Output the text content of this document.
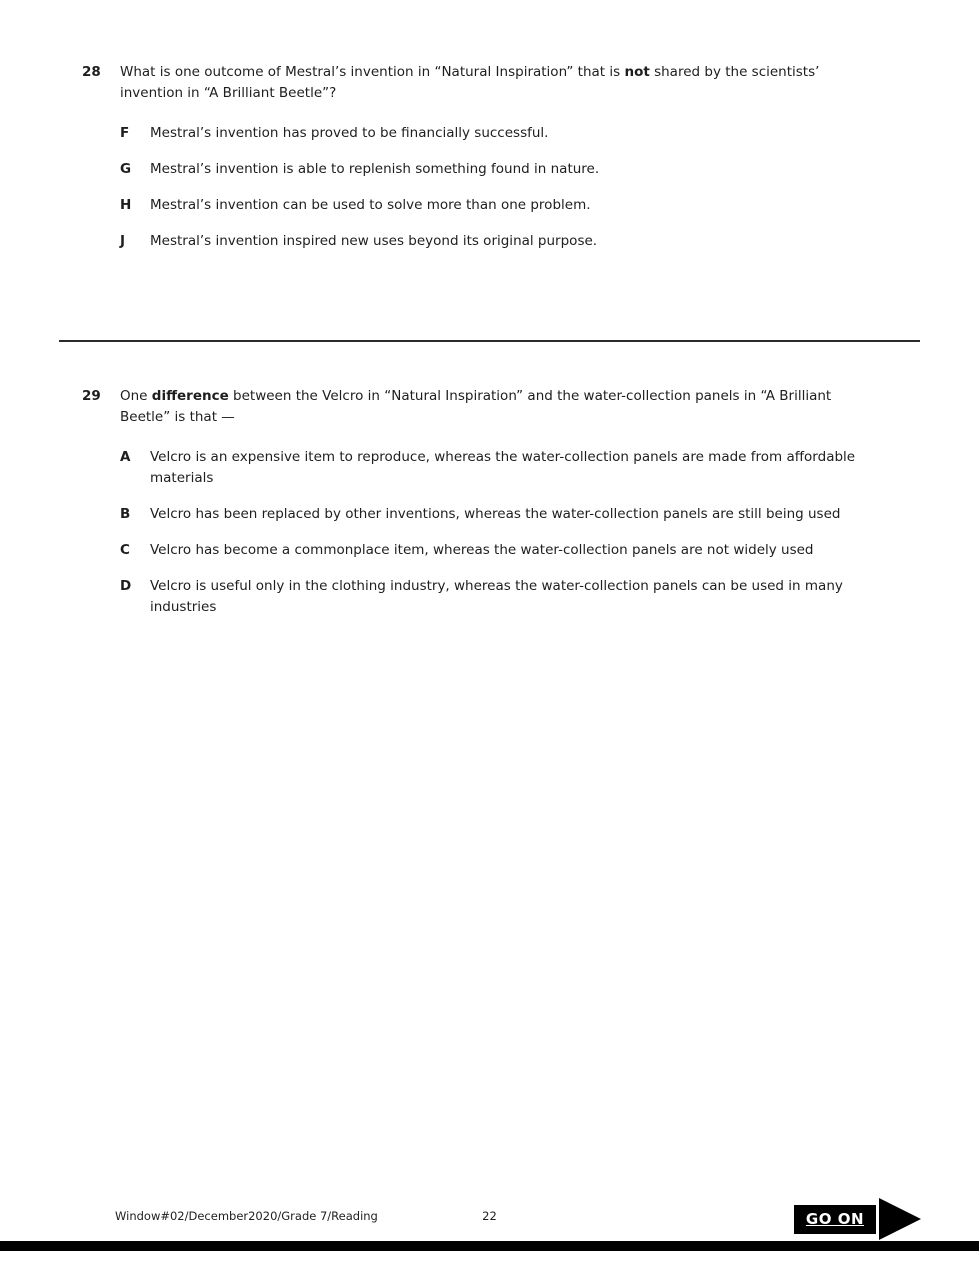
28	What is one outcome of Mestral’s invention in “Natural Inspiration” that is not shared by the scientists’ invention in “A Brilliant Beetle”?

F	Mestral’s invention has proved to be financially successful.
G	Mestral’s invention is able to replenish something found in nature.
H	Mestral’s invention can be used to solve more than one problem.
J	Mestral’s invention inspired new uses beyond its original purpose.
29	One difference between the Velcro in “Natural Inspiration” and the water-collection panels in “A Brilliant Beetle” is that —

A	Velcro is an expensive item to reproduce, whereas the water-collection panels are made from affordable materials
B	Velcro has been replaced by other inventions, whereas the water-collection panels are still being used
C	Velcro has become a commonplace item, whereas the water-collection panels are not widely used
D	Velcro is useful only in the clothing industry, whereas the water-collection panels can be used in many industries
Window#02/December2020/Grade 7/Reading	22	GO ON
